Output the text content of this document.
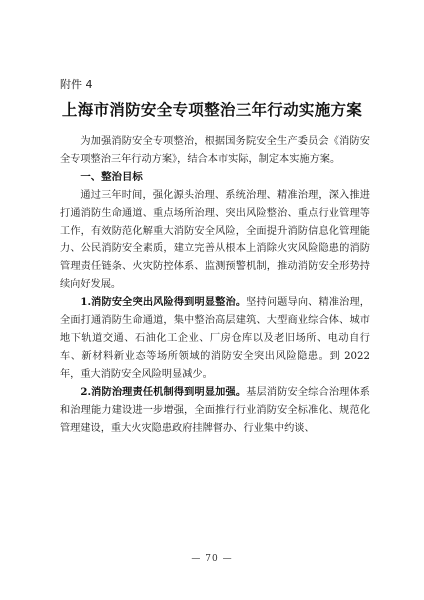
附件 4
上海市消防安全专项整治三年行动实施方案

为加强消防安全专项整治，根据国务院安全生产委员会《消防安全专项整治三年行动方案》，结合本市实际，制定本实施方案。

一、整治目标

通过三年时间，强化源头治理、系统治理、精准治理，深入推进打通消防生命通道、重点场所治理、突出风险整治、重点行业管理等工作，有效防范化解重大消防安全风险，全面提升消防信息化管理能力、公民消防安全素质，建立完善从根本上消除火灾风险隐患的消防管理责任链条、火灾防控体系、监测预警机制，推动消防安全形势持续向好发展。

1.消防安全突出风险得到明显整治。坚持问题导向、精准治理，全面打通消防生命通道，集中整治高层建筑、大型商业综合体、城市地下轨道交通、石油化工企业、厂房仓库以及老旧场所、电动自行车、新材料新业态等场所领域的消防安全突出风险隐患。到 2022 年，重大消防安全风险明显减少。

2.消防治理责任机制得到明显加强。基层消防安全综合治理体系和治理能力建设进一步增强，全面推行行业消防安全标准化、规范化管理建设，重大火灾隐患政府挂牌督办、行业集中约谈、

— 70 —
